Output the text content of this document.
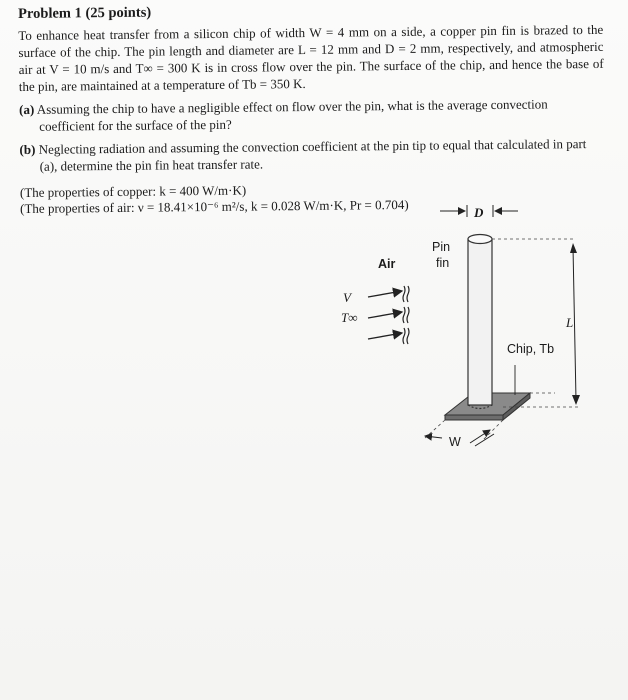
Problem 1 (25 points)

To enhance heat transfer from a silicon chip of width W = 4 mm on a side, a copper pin fin is brazed to the surface of the chip. The pin length and diameter are L = 12 mm and D = 2 mm, respectively, and atmospheric air at V = 10 m/s and T∞ = 300 K is in cross flow over the pin. The surface of the chip, and hence the base of the pin, are maintained at a temperature of Tb = 350 K.

(a) Assuming the chip to have a negligible effect on flow over the pin, what is the average convection coefficient for the surface of the pin?
(b) Neglecting radiation and assuming the convection coefficient at the pin tip to equal that calculated in part (a), determine the pin fin heat transfer rate.
(The properties of copper: k = 400 W/m·K)
(The properties of air: ν = 18.41×10⁻⁶ m²/s, k = 0.028 W/m·K, Pr = 0.704)
Air
Pin
fin
V
T∞	L
D
W
Chip, Tb
